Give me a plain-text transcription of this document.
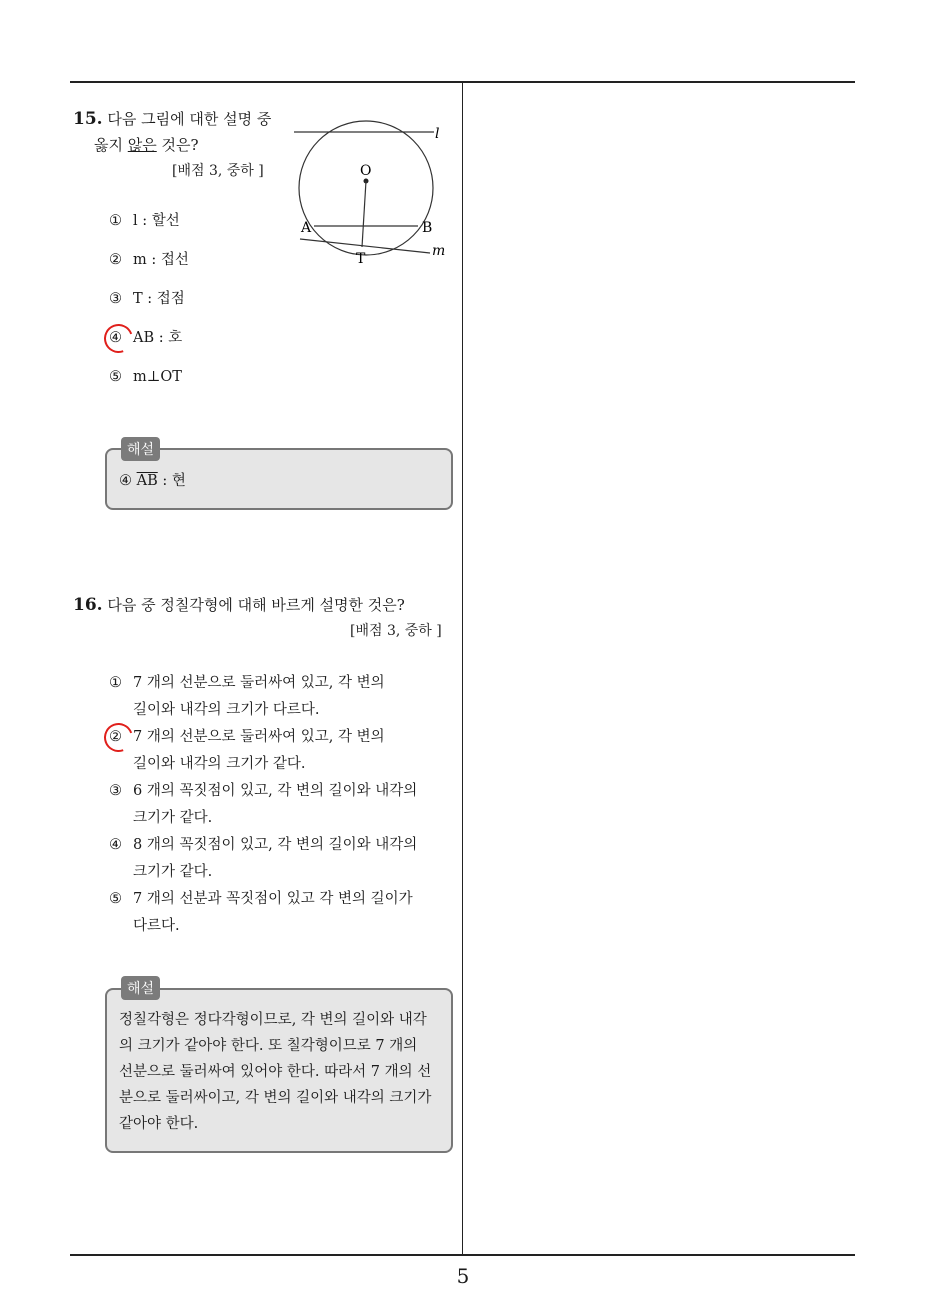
5
15. 다음 그림에 대한 설명 중
옳지 않은 것은?
[배점 3, 중하 ]
l
O
A	B
m
T
① l : 할선
② m : 접선
③ T : 접점
④ AB : 호
⑤ m⊥OT
④ $\overline{AB}$ : 현
해설
16. 다음 중 정칠각형에 대해 바르게 설명한 것은?
[배점 3, 중하 ]
① 7 개의 선분으로 둘러싸여 있고, 각 변의
길이와 내각의 크기가 다르다.
② 7 개의 선분으로 둘러싸여 있고, 각 변의
길이와 내각의 크기가 같다.
③ 6 개의 꼭짓점이 있고, 각 변의 길이와 내각의
크기가 같다.
④ 8 개의 꼭짓점이 있고, 각 변의 길이와 내각의
크기가 같다.
⑤ 7 개의 선분과 꼭짓점이 있고 각 변의 길이가
다르다.
정칠각형은 정다각형이므로, 각 변의 길이와 내각
의 크기가 같아야 한다. 또 칠각형이므로 7 개의
선분으로 둘러싸여 있어야 한다. 따라서 7 개의 선
분으로 둘러싸이고, 각 변의 길이와 내각의 크기가
같아야 한다.
해설
